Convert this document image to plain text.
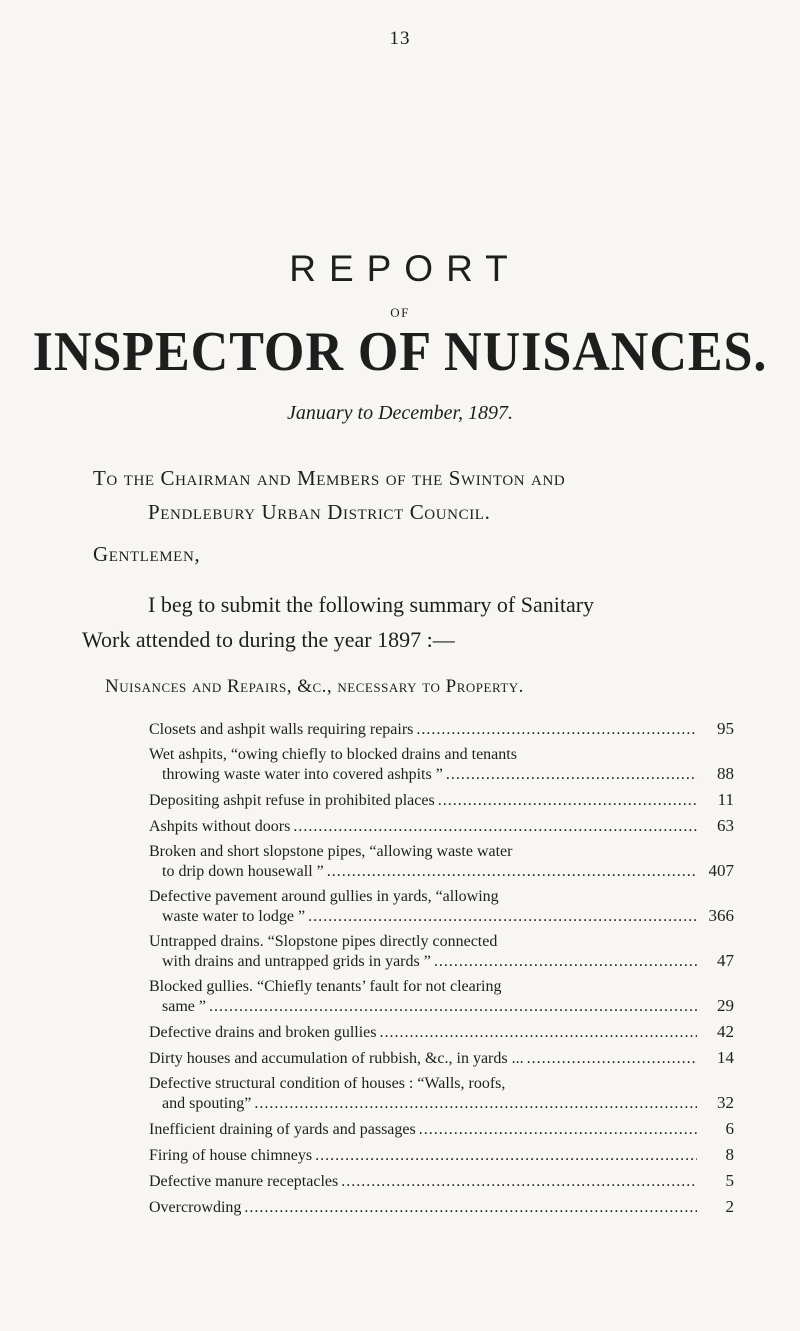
13
REPORT
OF
INSPECTOR OF NUISANCES.
January to December, 1897.
To the Chairman and Members of the Swinton and
Pendlebury Urban District Council.
Gentlemen,
I beg to submit the following summary of Sanitary
Work attended to during the year 1897 :—
Nuisances and Repairs, &c., necessary to Property.
Closets and ashpit walls requiring repairs .....	95
Wet ashpits, “owing chiefly to blocked drains and tenants
throwing waste water into covered ashpits ” .....	88
Depositing ashpit refuse in prohibited places .....	11
Ashpits without doors .....	63
Broken and short slopstone pipes, “allowing waste water
to drip down housewall ” .....	407
Defective pavement around gullies in yards, “allowing
waste water to lodge ” .....	366
Untrapped drains. “Slopstone pipes directly connected
with drains and untrapped grids in yards ” .....	47
Blocked gullies. “Chiefly tenants’ fault for not clearing
same ” .....	29
Defective drains and broken gullies .....	42
Dirty houses and accumulation of rubbish, &c., in yards ... .....	14
Defective structural condition of houses : “Walls, roofs,
and spouting” .....	32
Inefficient draining of yards and passages .....	6
Firing of house chimneys .....	8
Defective manure receptacles .....	5
Overcrowding .....	2
